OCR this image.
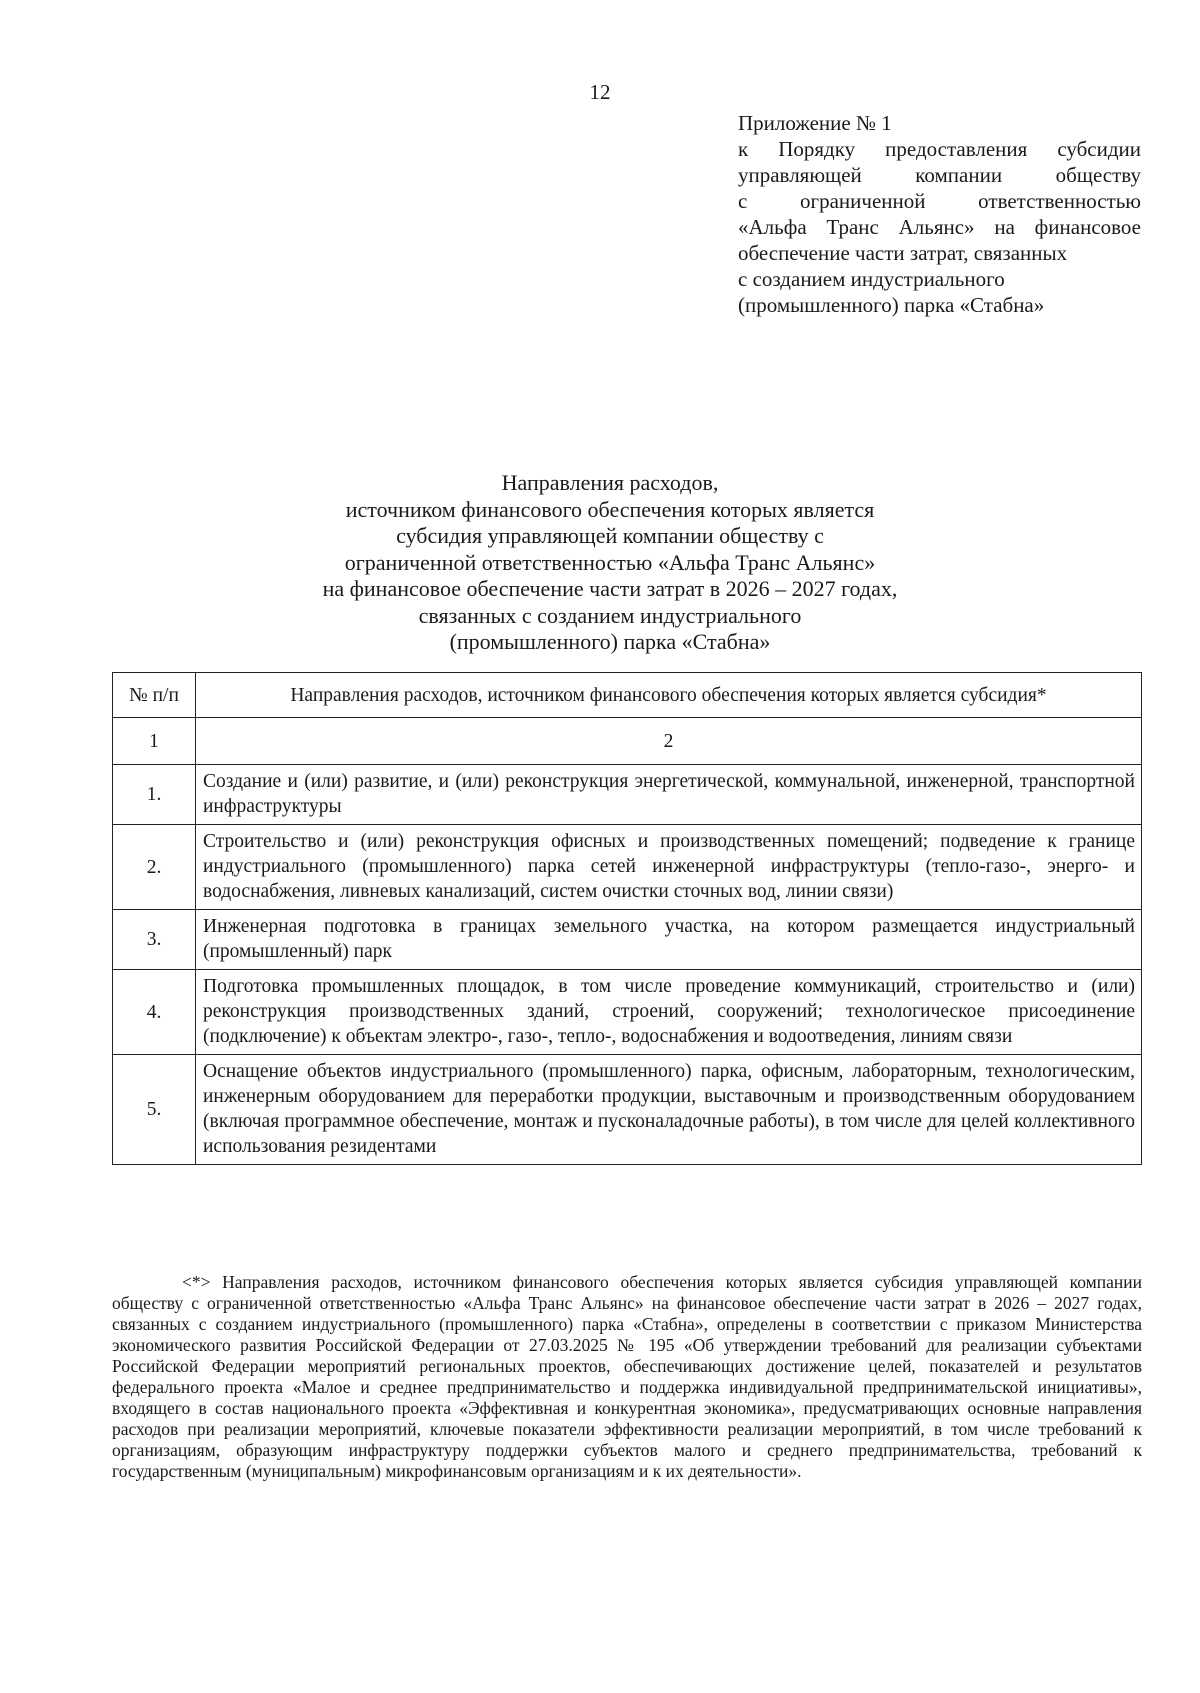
12
Приложение № 1
к Порядку предоставления субсидии
управляющей компании обществу
с ограниченной ответственностью
«Альфа Транс Альянс» на финансовое
обеспечение части затрат, связанных
с созданием индустриального
(промышленного) парка «Стабна»
Направления расходов,
источником финансового обеспечения которых является
субсидия управляющей компании обществу с
ограниченной ответственностью «Альфа Транс Альянс»
на финансовое обеспечение части затрат в 2026 – 2027 годах,
связанных с созданием индустриального
(промышленного) парка «Стабна»
№ п/п	Направления расходов, источником финансового обеспечения которых является субсидия*
1	2
1.	Создание и (или) развитие, и (или) реконструкция энергетической, коммунальной, инженерной, транспортной инфраструктуры
2.	Строительство и (или) реконструкция офисных и производственных помещений; подведение к границе индустриального (промышленного) парка сетей инженерной инфраструктуры (тепло-газо-, энерго- и водоснабжения, ливневых канализаций, систем очистки сточных вод, линии связи)
3.	Инженерная подготовка в границах земельного участка, на котором размещается индустриальный (промышленный) парк
4.	Подготовка промышленных площадок, в том числе проведение коммуникаций, строительство и (или) реконструкция производственных зданий, строений, сооружений; технологическое присоединение (подключение) к объектам электро-, газо-, тепло-, водоснабжения и водоотведения, линиям связи
5.	Оснащение объектов индустриального (промышленного) парка, офисным, лабораторным, технологическим, инженерным оборудованием для переработки продукции, выставочным и производственным оборудованием (включая программное обеспечение, монтаж и пусконаладочные работы), в том числе для целей коллективного использования резидентами

<*> Направления расходов, источником финансового обеспечения которых является субсидия управляющей компании обществу с ограниченной ответственностью «Альфа Транс Альянс» на финансовое обеспечение части затрат в 2026 – 2027 годах, связанных с созданием индустриального (промышленного) парка «Стабна», определены в соответствии с приказом Министерства экономического развития Российской Федерации от 27.03.2025 № 195 «Об утверждении требований для реализации субъектами Российской Федерации мероприятий региональных проектов, обеспечивающих достижение целей, показателей и результатов федерального проекта «Малое и среднее предпринимательство и поддержка индивидуальной предпринимательской инициативы», входящего в состав национального проекта «Эффективная и конкурентная экономика», предусматривающих основные направления расходов при реализации мероприятий, ключевые показатели эффективности реализации мероприятий, в том числе требований к организациям, образующим инфраструктуру поддержки субъектов малого и среднего предпринимательства, требований к государственным (муниципальным) микрофинансовым организациям и к их деятельности».
